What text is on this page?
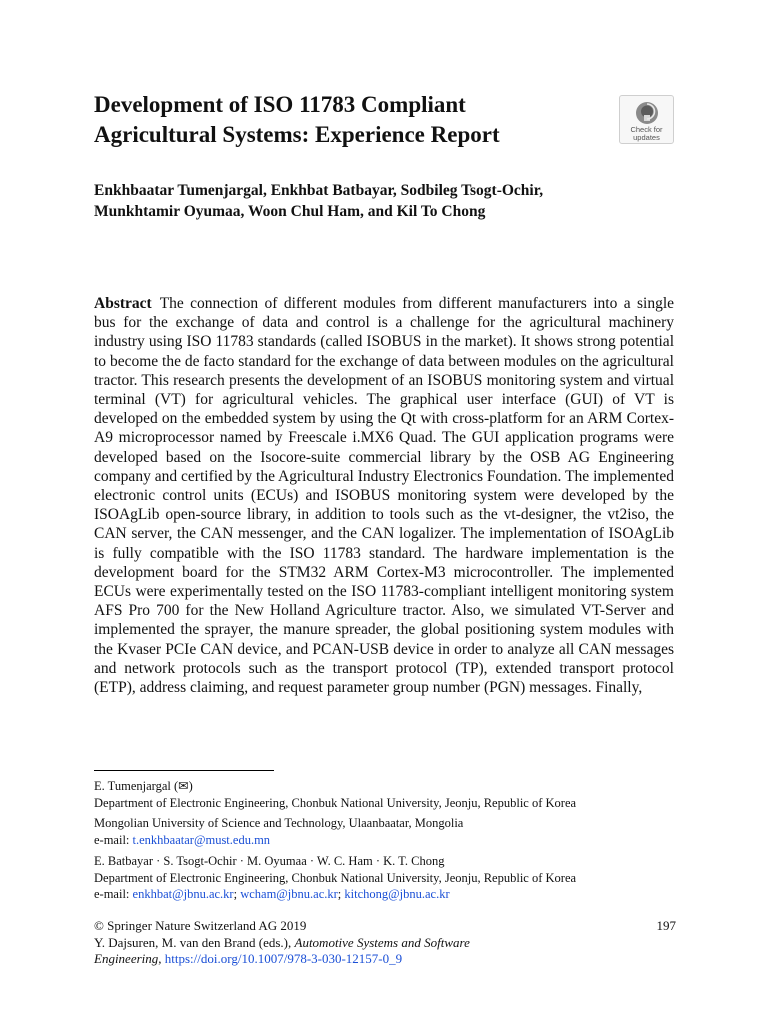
Development of ISO 11783 Compliant
Agricultural Systems: Experience Report	Check for
updates

Enkhbaatar Tumenjargal, Enkhbat Batbayar, Sodbileg Tsogt-Ochir,
Munkhtamir Oyumaa, Woon Chul Ham, and Kil To Chong

Abstract The connection of different modules from different manufacturers into a single bus for the exchange of data and control is a challenge for the agricultural machinery industry using ISO 11783 standards (called ISOBUS in the market). It shows strong potential to become the de facto standard for the exchange of data between modules on the agricultural tractor. This research presents the development of an ISOBUS monitoring system and virtual terminal (VT) for agricultural vehicles. The graphical user interface (GUI) of VT is developed on the embedded system by using the Qt with cross-platform for an ARM Cortex-A9 microprocessor named by Freescale i.MX6 Quad. The GUI application programs were developed based on the Isocore-suite commercial library by the OSB AG Engineering company and certified by the Agricultural Industry Electronics Foundation. The implemented electronic control units (ECUs) and ISOBUS monitoring system were developed by the ISOAgLib open-source library, in addition to tools such as the vt-designer, the vt2iso, the CAN server, the CAN messenger, and the CAN logalizer. The implementation of ISOAgLib is fully compatible with the ISO 11783 standard. The hardware implementation is the development board for the STM32 ARM Cortex-M3 microcontroller. The implemented ECUs were experimentally tested on the ISO 11783-compliant intelligent monitoring system AFS Pro 700 for the New Holland Agriculture tractor. Also, we simulated VT-Server and implemented the sprayer, the manure spreader, the global positioning system modules with the Kvaser PCIe CAN device, and PCAN-USB device in order to analyze all CAN messages and network protocols such as the transport protocol (TP), extended transport protocol (ETP), address claiming, and request parameter group number (PGN) messages. Finally,

E. Tumenjargal (✉)
Department of Electronic Engineering, Chonbuk National University, Jeonju, Republic of Korea
Mongolian University of Science and Technology, Ulaanbaatar, Mongolia
e-mail: t.enkhbaatar@must.edu.mn
E. Batbayar · S. Tsogt-Ochir · M. Oyumaa · W. C. Ham · K. T. Chong
Department of Electronic Engineering, Chonbuk National University, Jeonju, Republic of Korea
e-mail: enkhbat@jbnu.ac.kr; wcham@jbnu.ac.kr; kitchong@jbnu.ac.kr
© Springer Nature Switzerland AG 2019	197
Y. Dajsuren, M. van den Brand (eds.), Automotive Systems and Software
Engineering, https://doi.org/10.1007/978-3-030-12157-0_9
